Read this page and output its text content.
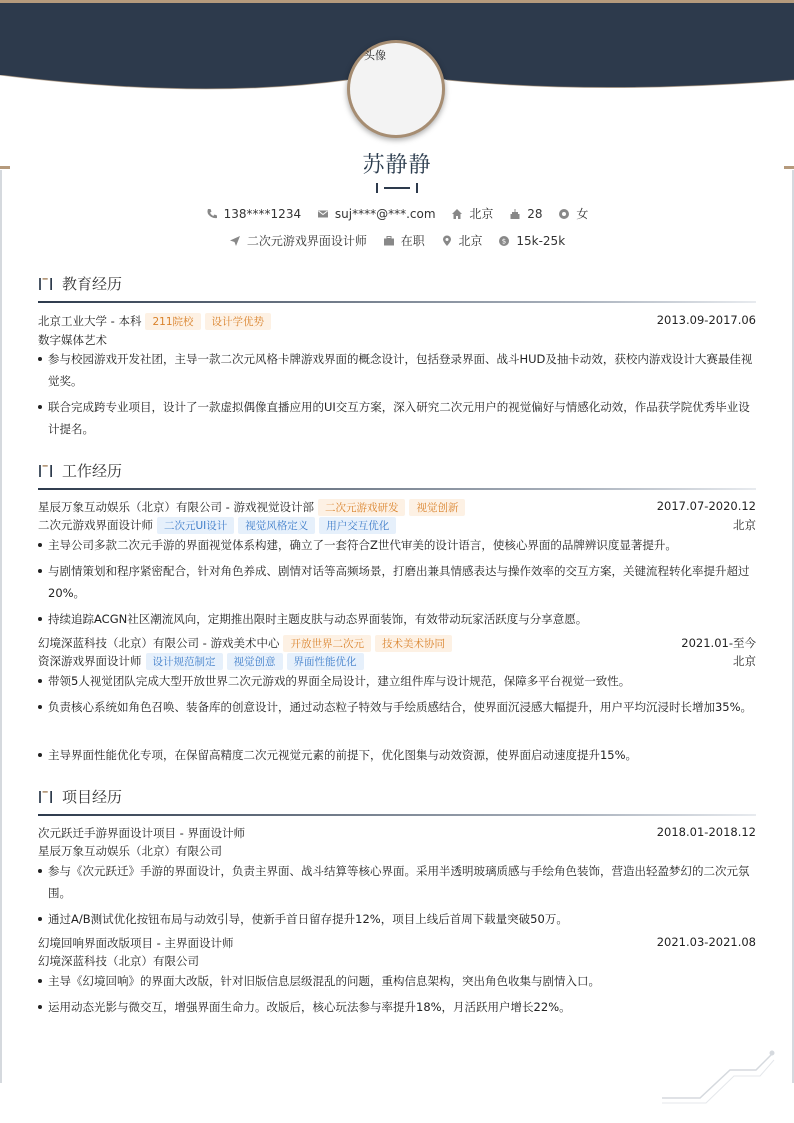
头像
苏静静
138****1234	suj****@***.com	北京	28	女
二次元游戏界面设计师	在职	北京	$ 15k-25k
教育经历
北京工业大学 - 本科 211院校 设计学优势	2013.09-2017.06
数字媒体艺术
参与校园游戏开发社团，主导一款二次元风格卡牌游戏界面的概念设计，包括登录界面、战斗HUD及抽卡动效，获校内游戏设计大赛最佳视觉奖。
联合完成跨专业项目，设计了一款虚拟偶像直播应用的UI交互方案，深入研究二次元用户的视觉偏好与情感化动效，作品获学院优秀毕业设计提名。
工作经历
星辰万象互动娱乐（北京）有限公司 - 游戏视觉设计部 二次元游戏研发 视觉创新	2017.07-2020.12
二次元游戏界面设计师 二次元UI设计 视觉风格定义 用户交互优化	北京
主导公司多款二次元手游的界面视觉体系构建，确立了一套符合Z世代审美的设计语言，使核心界面的品牌辨识度显著提升。
与剧情策划和程序紧密配合，针对角色养成、剧情对话等高频场景，打磨出兼具情感表达与操作效率的交互方案，关键流程转化率提升超过20%。
持续追踪ACGN社区潮流风向，定期推出限时主题皮肤与动态界面装饰，有效带动玩家活跃度与分享意愿。
幻境深蓝科技（北京）有限公司 - 游戏美术中心 开放世界二次元 技术美术协同	2021.01-至今
资深游戏界面设计师 设计规范制定 视觉创意 界面性能优化	北京
带领5人视觉团队完成大型开放世界二次元游戏的界面全局设计，建立组件库与设计规范，保障多平台视觉一致性。
负责核心系统如角色召唤、装备库的创意设计，通过动态粒子特效与手绘质感结合，使界面沉浸感大幅提升，用户平均沉浸时长增加35%。
主导界面性能优化专项，在保留高精度二次元视觉元素的前提下，优化图集与动效资源，使界面启动速度提升15%。
项目经历
次元跃迁手游界面设计项目 - 界面设计师	2018.01-2018.12
星辰万象互动娱乐（北京）有限公司
参与《次元跃迁》手游的界面设计，负责主界面、战斗结算等核心界面。采用半透明玻璃质感与手绘角色装饰，营造出轻盈梦幻的二次元氛围。
通过A/B测试优化按钮布局与动效引导，使新手首日留存提升12%，项目上线后首周下载量突破50万。
幻境回响界面改版项目 - 主界面设计师	2021.03-2021.08
幻境深蓝科技（北京）有限公司
主导《幻境回响》的界面大改版，针对旧版信息层级混乱的问题，重构信息架构，突出角色收集与剧情入口。
运用动态光影与微交互，增强界面生命力。改版后，核心玩法参与率提升18%，月活跃用户增长22%。
